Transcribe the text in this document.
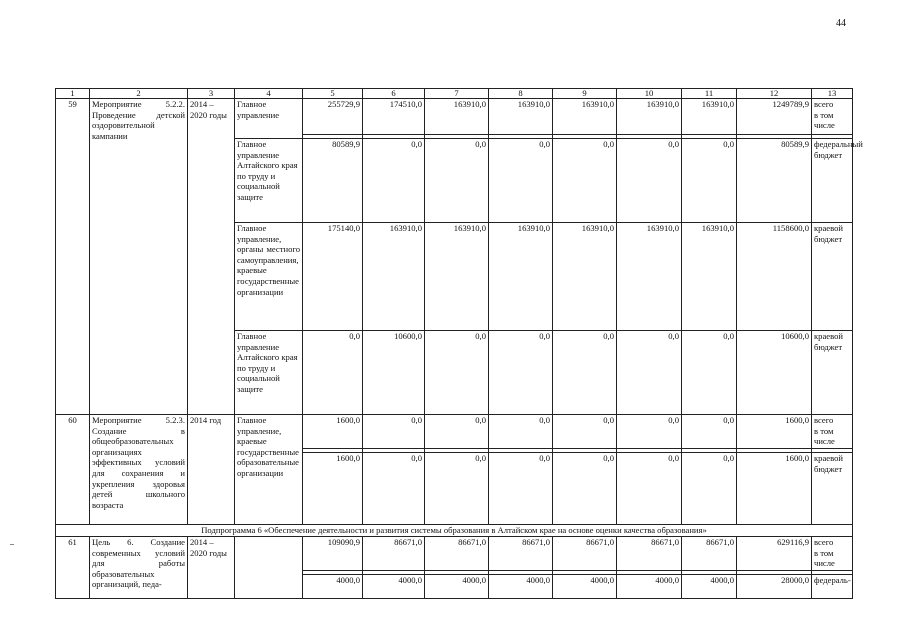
44
1	2	3	4	5	6	7	8	9	10	11	12	13
59	Мероприятие 5.2.2. Проведение детской оздоровительной кампании	2014 – 2020 годы	Главное управление	255729,9	174510,0	163910,0	163910,0	163910,0	163910,0	163910,0	1249789,9	всего
в том числе

			Главное управление Алтайского края по труду и социальной защите	80589,9	0,0	0,0	0,0	0,0	0,0	0,0	80589,9	федеральный бюджет
			Главное управление, органы местного самоуправления, краевые государственные организации	175140,0	163910,0	163910,0	163910,0	163910,0	163910,0	163910,0	1158600,0	краевой бюджет
			Главное управление Алтайского края по труду и социальной защите	0,0	10600,0	0,0	0,0	0,0	0,0	0,0	10600,0	краевой бюджет
60	Мероприятие 5.2.3. Создание в общеобразовательных организациях эффективных условий для сохранения и укрепления здоровья детей школьного возраста	2014 год	Главное управление, краевые государственные образовательные организации	1600,0	0,0	0,0	0,0	0,0	0,0	0,0	1600,0	всего
в том числе

				1600,0	0,0	0,0	0,0	0,0	0,0	0,0	1600,0	краевой бюджет
Подпрограмма 6 «Обеспечение деятельности и развития системы образования в Алтайском крае на основе оценки качества образования»												
61	Цель 6. Создание современных условий для работы образовательных организаций, педа-	2014 – 2020 годы		109090,9	86671,0	86671,0	86671,0	86671,0	86671,0	86671,0	629116,9	всего
в том числе

				4000,0	4000,0	4000,0	4000,0	4000,0	4000,0	4000,0	28000,0	федераль-
